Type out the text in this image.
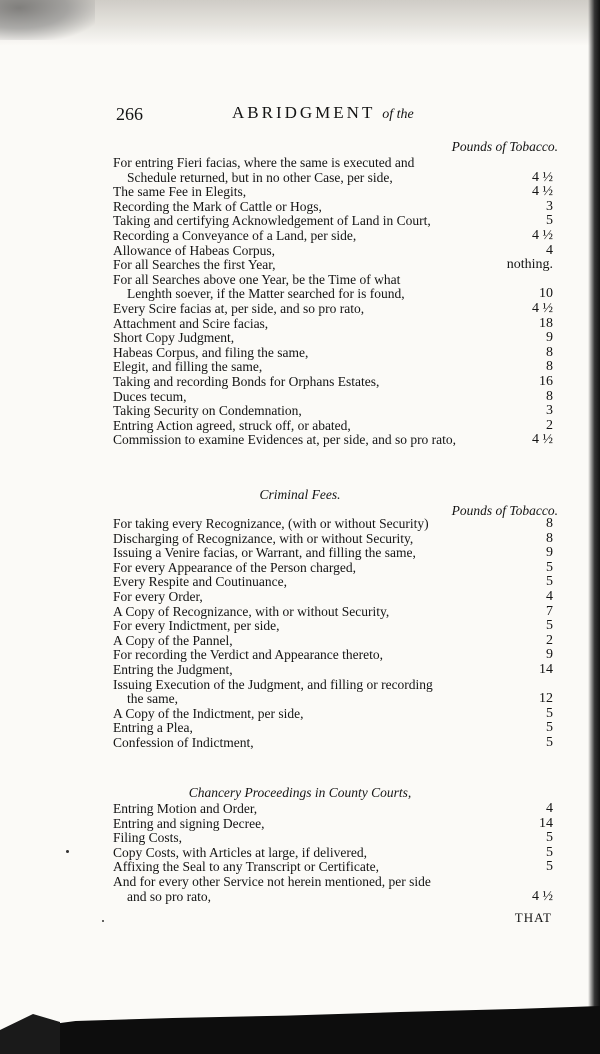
266	ABRIDGMENT of the
Pounds of Tobacco.
For entring Fieri facias, where the same is executed and
Schedule returned, but in no other Case, per side,	4 ½
The same Fee in Elegits,	4 ½
Recording the Mark of Cattle or Hogs,	3
Taking and certifying Acknowledgement of Land in Court,	5
Recording a Conveyance of a Land, per side,	4 ½
Allowance of Habeas Corpus,	4
For all Searches the first Year,	nothing.
For all Searches above one Year, be the Time of what
Lenghth soever, if the Matter searched for is found,	10
Every Scire facias at, per side, and so pro rato,	4 ½
Attachment and Scire facias,	18
Short Copy Judgment,	9
Habeas Corpus, and filing the same,	8
Elegit, and filling the same,	8
Taking and recording Bonds for Orphans Estates,	16
Duces tecum,	8
Taking Security on Condemnation,	3
Entring Action agreed, struck off, or abated,	2
Commission to examine Evidences at, per side, and so pro rato,	4 ½
Criminal Fees.
Pounds of Tobacco.
For taking every Recognizance, (with or without Security)	8
Discharging of Recognizance, with or without Security,	8
Issuing a Venire facias, or Warrant, and filling the same,	9
For every Appearance of the Person charged,	5
Every Respite and Coutinuance,	5
For every Order,	4
A Copy of Recognizance, with or without Security,	7
For every Indictment, per side,	5
A Copy of the Pannel,	2
For recording the Verdict and Appearance thereto,	9
Entring the Judgment,	14
Issuing Execution of the Judgment, and filling or recording
the same,	12
A Copy of the Indictment, per side,	5
Entring a Plea,	5
Confession of Indictment,	5
Chancery Proceedings in County Courts,
Entring Motion and Order,	4
Entring and signing Decree,	14
Filing Costs,	5
Copy Costs, with Articles at large, if delivered,	5
Affixing the Seal to any Transcript or Certificate,	5
And for every other Service not herein mentioned, per side
and so pro rato,	4 ½
THAT
